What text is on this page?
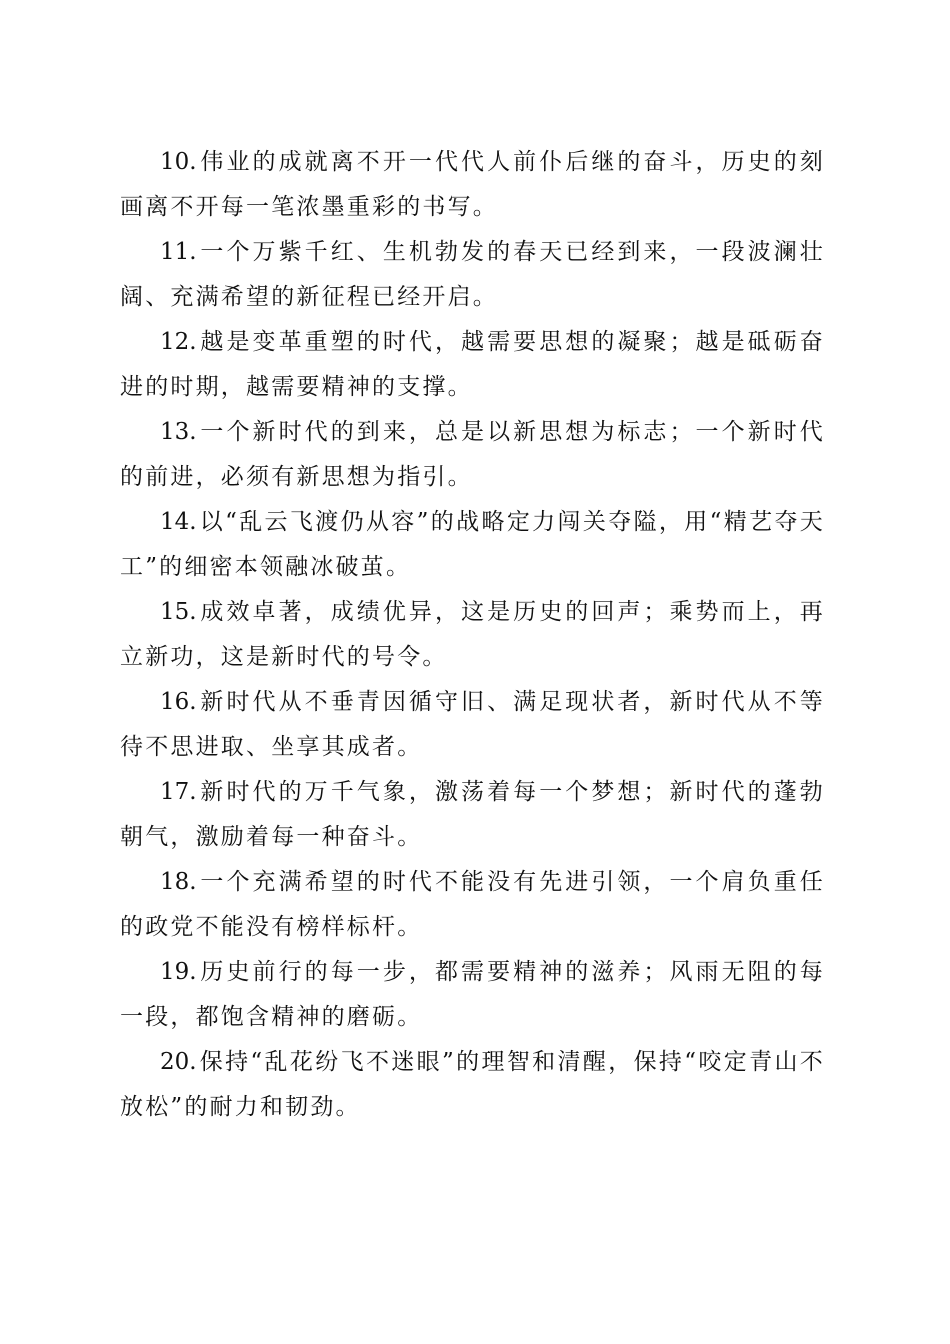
10. 伟业的成就离不开一代代人前仆后继的奋斗，历史的刻画离不开每一笔浓墨重彩的书写。

11. 一个万紫千红、生机勃发的春天已经到来，一段波澜壮阔、充满希望的新征程已经开启。

12. 越是变革重塑的时代，越需要思想的凝聚；越是砥砺奋进的时期，越需要精神的支撑。

13. 一个新时代的到来，总是以新思想为标志；一个新时代的前进，必须有新思想为指引。

14. 以“乱云飞渡仍从容”的战略定力闯关夺隘，用“精艺夺天工”的细密本领融冰破茧。

15. 成效卓著，成绩优异，这是历史的回声；乘势而上，再立新功，这是新时代的号令。

16. 新时代从不垂青因循守旧、满足现状者，新时代从不等待不思进取、坐享其成者。

17. 新时代的万千气象，激荡着每一个梦想；新时代的蓬勃朝气，激励着每一种奋斗。

18. 一个充满希望的时代不能没有先进引领，一个肩负重任的政党不能没有榜样标杆。

19. 历史前行的每一步，都需要精神的滋养；风雨无阻的每一段，都饱含精神的磨砺。

20. 保持“乱花纷飞不迷眼”的理智和清醒，保持“咬定青山不放松”的耐力和韧劲。
